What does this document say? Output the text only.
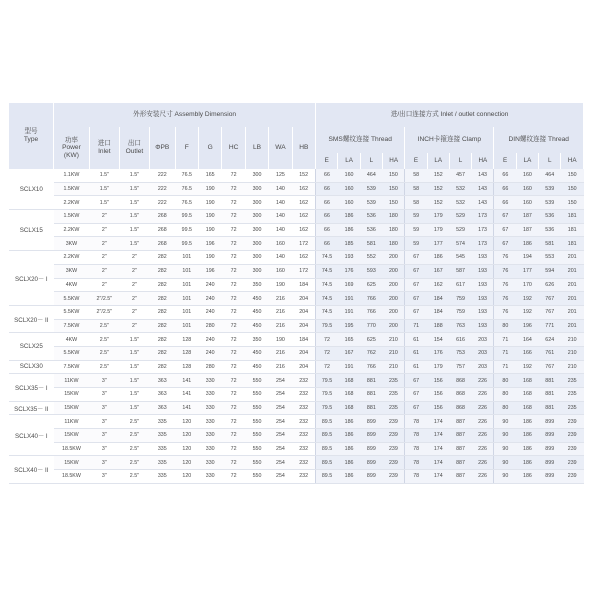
型号
Type	外形安装尺寸 Assembly Dimension										进/出口连接方式 Inlet / outlet connection											
	功率
Power
(KW)	进口
Inlet	出口
Outlet	ΦPB	F	G	HC	LB	WA	HB	SMS螺纹连接 Thread				INCH卡箍连接 Clamp				DIN螺纹连接 Thread			
											E	LA	L	HA	E	LA	L	HA	E	LA	L	HA
SCLX10	1.1KW	1.5"	1.5"	222	76.5	165	72	300	125	152	66	160	464	150	58	152	457	143	66	160	464	150
	1.5KW	1.5"	1.5"	222	76.5	190	72	300	140	162	66	160	539	150	58	152	532	143	66	160	539	150
	2.2KW	1.5"	1.5"	222	76.5	190	72	300	140	162	66	160	539	150	58	152	532	143	66	160	539	150
SCLX15	1.5KW	2"	1.5"	268	99.5	190	72	300	140	162	66	186	536	180	59	179	529	173	67	187	536	181
	2.2KW	2"	1.5"	268	99.5	190	72	300	140	162	66	186	536	180	59	179	529	173	67	187	536	181
	3KW	2"	1.5"	268	99.5	196	72	300	160	172	66	185	581	180	59	177	574	173	67	186	581	181
SCLX20－ I	2.2KW	2"	2"	282	101	190	72	300	140	162	74.5	193	552	200	67	186	545	193	76	194	553	201
	3KW	2"	2"	282	101	196	72	300	160	172	74.5	176	593	200	67	167	587	193	76	177	594	201
	4KW	2"	2"	282	101	240	72	350	190	184	74.5	169	625	200	67	162	617	193	76	170	626	201
	5.5KW	2"/2.5"	2"	282	101	240	72	450	216	204	74.5	191	766	200	67	184	759	193	76	192	767	201
SCLX20－ II	5.5KW	2"/2.5"	2"	282	101	240	72	450	216	204	74.5	191	766	200	67	184	759	193	76	192	767	201
	7.5KW	2.5"	2"	282	101	280	72	450	216	204	79.5	195	770	200	71	188	763	193	80	196	771	201
SCLX25	4KW	2.5"	1.5"	282	128	240	72	350	190	184	72	165	625	210	61	154	616	203	71	164	624	210
	5.5KW	2.5"	1.5"	282	128	240	72	450	216	204	72	167	762	210	61	176	753	203	71	166	761	210
SCLX30	7.5KW	2.5"	1.5"	282	128	280	72	450	216	204	72	191	766	210	61	179	757	203	71	192	767	210
SCLX35－ I	11KW	3"	1.5"	363	141	330	72	550	254	232	79.5	168	881	235	67	156	868	226	80	168	881	235
	15KW	3"	1.5"	363	141	330	72	550	254	232	79.5	168	881	235	67	156	868	226	80	168	881	235
SCLX35－ II	15KW	3"	1.5"	363	141	330	72	550	254	232	79.5	168	881	235	67	156	868	226	80	168	881	235
SCLX40－ I	11KW	3"	2.5"	335	120	330	72	550	254	232	89.5	186	899	239	78	174	887	226	90	186	899	239
	15KW	3"	2.5"	335	120	330	72	550	254	232	89.5	186	899	239	78	174	887	226	90	186	899	239
	18.5KW	3"	2.5"	335	120	330	72	550	254	232	89.5	186	899	239	78	174	887	226	90	186	899	239
SCLX40－ II	15KW	3"	2.5"	335	120	330	72	550	254	232	89.5	186	899	239	78	174	887	226	90	186	899	239
	18.5KW	3"	2.5"	335	120	330	72	550	254	232	89.5	186	899	239	78	174	887	226	90	186	899	239
